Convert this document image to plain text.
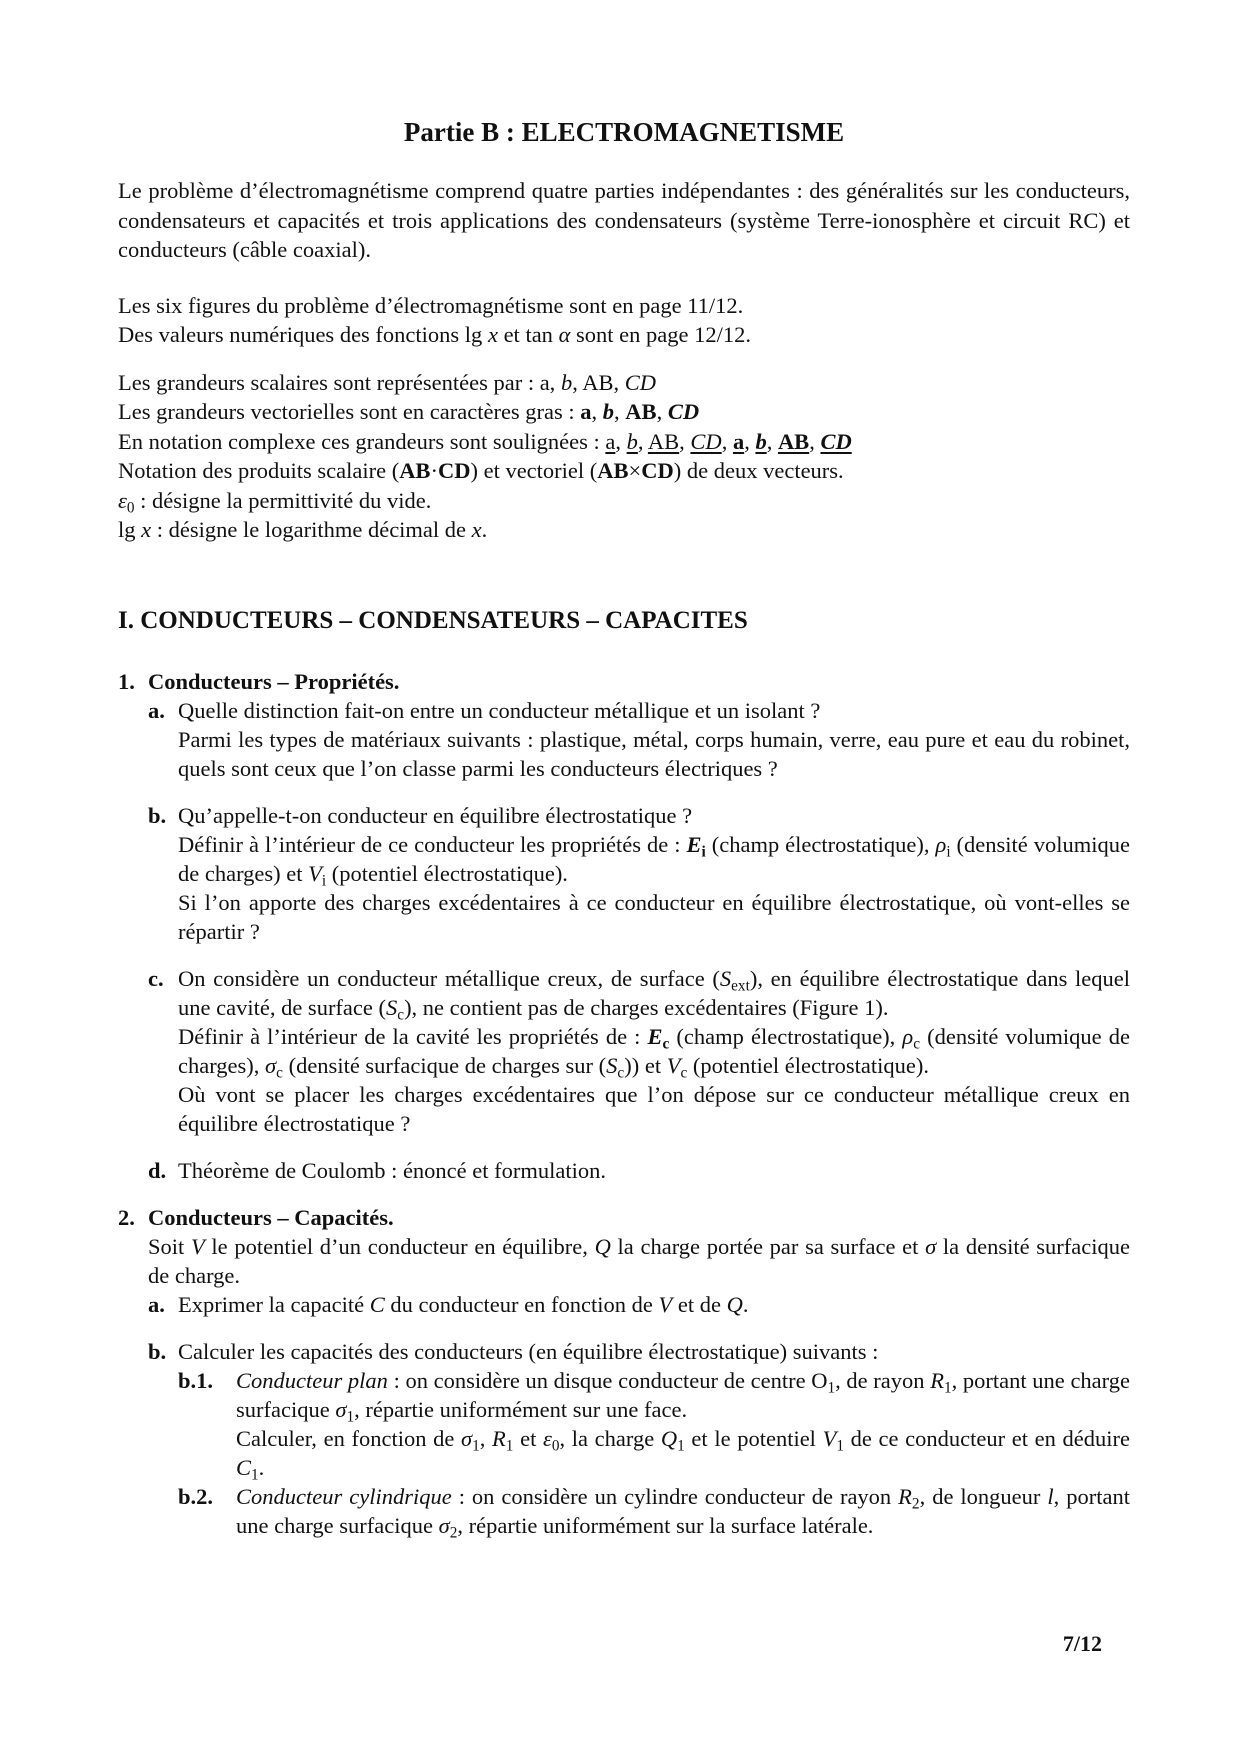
Partie B : ELECTROMAGNETISME

Le problème d’électromagnétisme comprend quatre parties indépendantes : des généralités sur les conducteurs, condensateurs et capacités et trois applications des condensateurs (système Terre-ionosphère et circuit RC) et conducteurs (câble coaxial).

Les six figures du problème d’électromagnétisme sont en page 11/12.

Des valeurs numériques des fonctions lg x et tan α sont en page 12/12.

Les grandeurs scalaires sont représentées par : a, b, AB, CD

Les grandeurs vectorielles sont en caractères gras : a, b, AB, CD

En notation complexe ces grandeurs sont soulignées : a, b, AB, CD, a, b, AB, CD

Notation des produits scalaire (AB·CD) et vectoriel (AB×CD) de deux vecteurs.

$\varepsilon_0$ : désigne la permittivité du vide.

lg x : désigne le logarithme décimal de x.

I. CONDUCTEURS – CONDENSATEURS – CAPACITES
1. Conducteurs – Propriétés.

a. Quelle distinction fait-on entre un conducteur métallique et un isolant ?

Parmi les types de matériaux suivants : plastique, métal, corps humain, verre, eau pure et eau du robinet, quels sont ceux que l’on classe parmi les conducteurs électriques ?

b. Qu’appelle-t-on conducteur en équilibre électrostatique ?

Définir à l’intérieur de ce conducteur les propriétés de : $E_i$ (champ électrostatique), $\rho_i$ (densité volumique de charges) et $V_i$ (potentiel électrostatique).

Si l’on apporte des charges excédentaires à ce conducteur en équilibre électrostatique, où vont-elles se répartir ?

c. On considère un conducteur métallique creux, de surface $(S_{ext})$, en équilibre électrostatique dans lequel une cavité, de surface $(S_c)$, ne contient pas de charges excédentaires (Figure 1).

Définir à l’intérieur de la cavité les propriétés de : $E_c$ (champ électrostatique), $\rho_c$ (densité volumique de charges), $\sigma_c$ (densité surfacique de charges sur $(S_c)$) et $V_c$ (potentiel électrostatique).

Où vont se placer les charges excédentaires que l’on dépose sur ce conducteur métallique creux en équilibre électrostatique ?

d. Théorème de Coulomb : énoncé et formulation.

2. Conducteurs – Capacités.

Soit V le potentiel d’un conducteur en équilibre, Q la charge portée par sa surface et σ la densité surfacique de charge.

a. Exprimer la capacité C du conducteur en fonction de V et de Q.

b. Calculer les capacités des conducteurs (en équilibre électrostatique) suivants :

b.1. Conducteur plan : on considère un disque conducteur de centre $O_1$, de rayon $R_1$, portant une charge surfacique $\sigma_1$, répartie uniformément sur une face.

Calculer, en fonction de $\sigma_1$, $R_1$ et $\varepsilon_0$, la charge $Q_1$ et le potentiel $V_1$ de ce conducteur et en déduire $C_1$.

b.2. Conducteur cylindrique : on considère un cylindre conducteur de rayon $R_2$, de longueur l, portant une charge surfacique $\sigma_2$, répartie uniformément sur la surface latérale.

7/12
